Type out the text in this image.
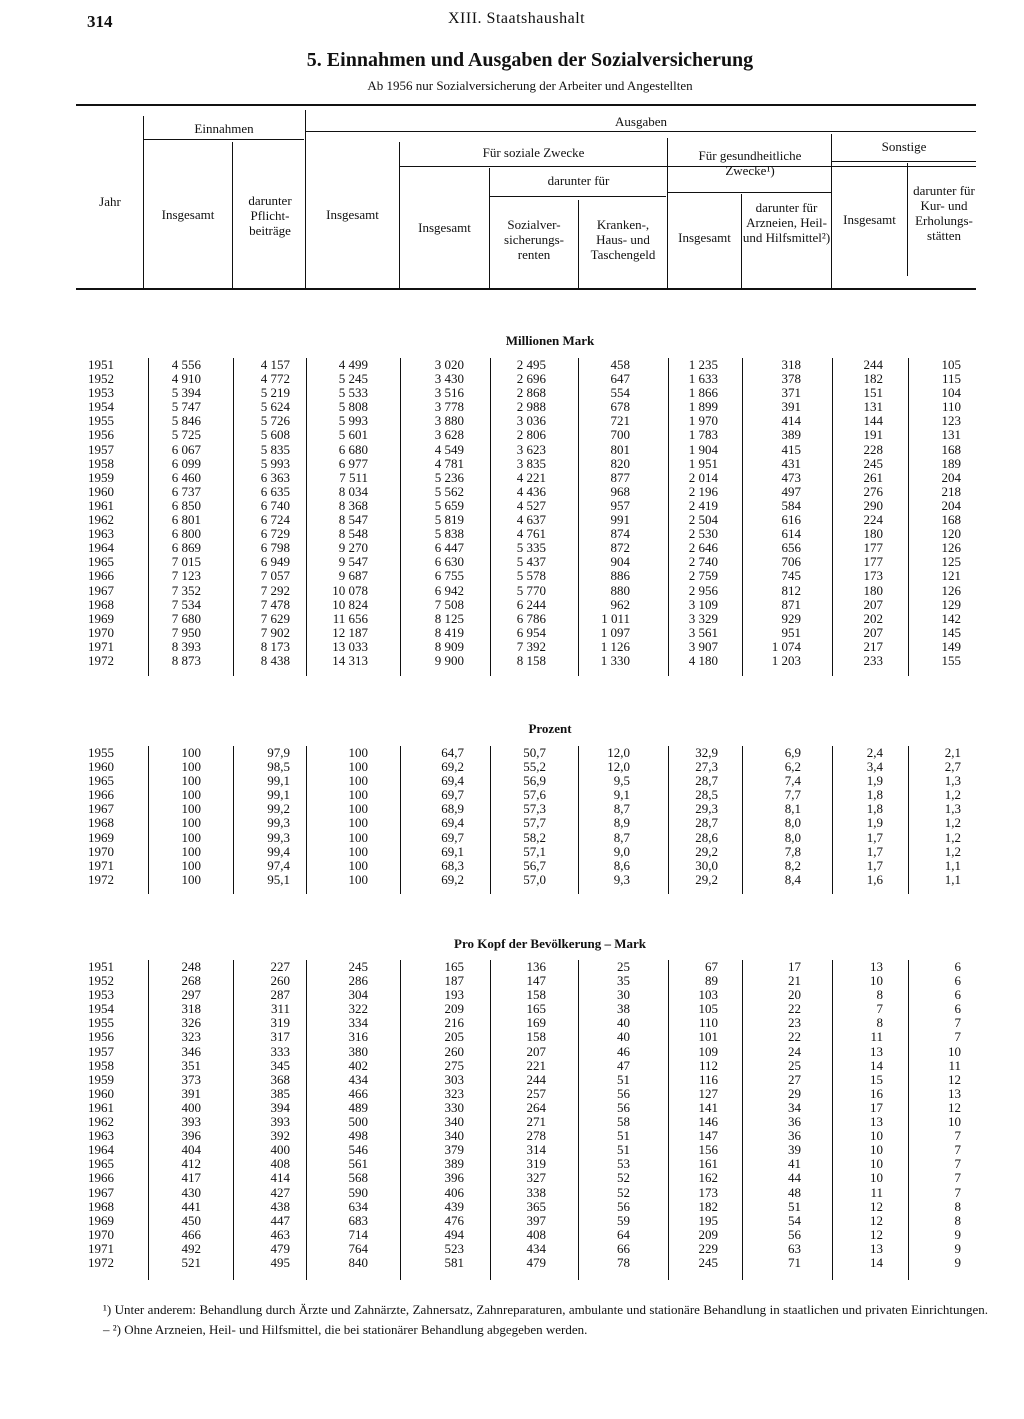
314	XIII. Staatshaushalt
5. Einnahmen und Ausgaben der Sozialversicherung
Ab 1956 nur Sozialversicherung der Arbeiter und Angestellten
Jahr
Einnahmen	Ausgaben
Insgesamt
darunter Pflicht- beiträge
Insgesamt
Für soziale Zwecke
darunter für
Insgesamt	Sozialver- sicherungs- renten
Kranken-, Haus- und Taschengeld
Für gesundheitliche Zwecke¹)
Insgesamt
darunter für Arzneien, Heil- und Hilfsmittel²)
Sonstige
Insgesamt
darunter für Kur- und Erholungs- stätten
Millionen Mark
Prozent
Pro Kopf der Bevölkerung – Mark
1951	4 556	4 157	4 499	3 020	2 495	458	1 235	318	244	105
1952	4 910	4 772	5 245	3 430	2 696	647	1 633	378	182	115
1953	5 394	5 219	5 533	3 516	2 868	554	1 866	371	151	104
1954	5 747	5 624	5 808	3 778	2 988	678	1 899	391	131	110
1955	5 846	5 726	5 993	3 880	3 036	721	1 970	414	144	123
1956	5 725	5 608	5 601	3 628	2 806	700	1 783	389	191	131
1957	6 067	5 835	6 680	4 549	3 623	801	1 904	415	228	168
1958	6 099	5 993	6 977	4 781	3 835	820	1 951	431	245	189
1959	6 460	6 363	7 511	5 236	4 221	877	2 014	473	261	204
1960	6 737	6 635	8 034	5 562	4 436	968	2 196	497	276	218
1961	6 850	6 740	8 368	5 659	4 527	957	2 419	584	290	204
1962	6 801	6 724	8 547	5 819	4 637	991	2 504	616	224	168
1963	6 800	6 729	8 548	5 838	4 761	874	2 530	614	180	120
1964	6 869	6 798	9 270	6 447	5 335	872	2 646	656	177	126
1965	7 015	6 949	9 547	6 630	5 437	904	2 740	706	177	125
1966	7 123	7 057	9 687	6 755	5 578	886	2 759	745	173	121
1967	7 352	7 292	10 078	6 942	5 770	880	2 956	812	180	126
1968	7 534	7 478	10 824	7 508	6 244	962	3 109	871	207	129
1969	7 680	7 629	11 656	8 125	6 786	1 011	3 329	929	202	142
1970	7 950	7 902	12 187	8 419	6 954	1 097	3 561	951	207	145
1971	8 393	8 173	13 033	8 909	7 392	1 126	3 907	1 074	217	149
1972	8 873	8 438	14 313	9 900	8 158	1 330	4 180	1 203	233	155
1955	100	97,9	100	64,7	50,7	12,0	32,9	6,9	2,4	2,1
1960	100	98,5	100	69,2	55,2	12,0	27,3	6,2	3,4	2,7
1965	100	99,1	100	69,4	56,9	9,5	28,7	7,4	1,9	1,3
1966	100	99,1	100	69,7	57,6	9,1	28,5	7,7	1,8	1,2
1967	100	99,2	100	68,9	57,3	8,7	29,3	8,1	1,8	1,3
1968	100	99,3	100	69,4	57,7	8,9	28,7	8,0	1,9	1,2
1969	100	99,3	100	69,7	58,2	8,7	28,6	8,0	1,7	1,2
1970	100	99,4	100	69,1	57,1	9,0	29,2	7,8	1,7	1,2
1971	100	97,4	100	68,3	56,7	8,6	30,0	8,2	1,7	1,1
1972	100	95,1	100	69,2	57,0	9,3	29,2	8,4	1,6	1,1
1951	248	227	245	165	136	25	67	17	13	6
1952	268	260	286	187	147	35	89	21	10	6
1953	297	287	304	193	158	30	103	20	8	6
1954	318	311	322	209	165	38	105	22	7	6
1955	326	319	334	216	169	40	110	23	8	7
1956	323	317	316	205	158	40	101	22	11	7
1957	346	333	380	260	207	46	109	24	13	10
1958	351	345	402	275	221	47	112	25	14	11
1959	373	368	434	303	244	51	116	27	15	12
1960	391	385	466	323	257	56	127	29	16	13
1961	400	394	489	330	264	56	141	34	17	12
1962	393	393	500	340	271	58	146	36	13	10
1963	396	392	498	340	278	51	147	36	10	7
1964	404	400	546	379	314	51	156	39	10	7
1965	412	408	561	389	319	53	161	41	10	7
1966	417	414	568	396	327	52	162	44	10	7
1967	430	427	590	406	338	52	173	48	11	7
1968	441	438	634	439	365	56	182	51	12	8
1969	450	447	683	476	397	59	195	54	12	8
1970	466	463	714	494	408	64	209	56	12	9
1971	492	479	764	523	434	66	229	63	13	9
1972	521	495	840	581	479	78	245	71	14	9
¹) Unter anderem: Behandlung durch Ärzte und Zahnärzte, Zahnersatz, Zahnreparaturen, ambulante und stationäre Behandlung in staatlichen und privaten Einrichtungen. – ²) Ohne Arzneien, Heil- und Hilfsmittel, die bei stationärer Behandlung abgegeben werden.
